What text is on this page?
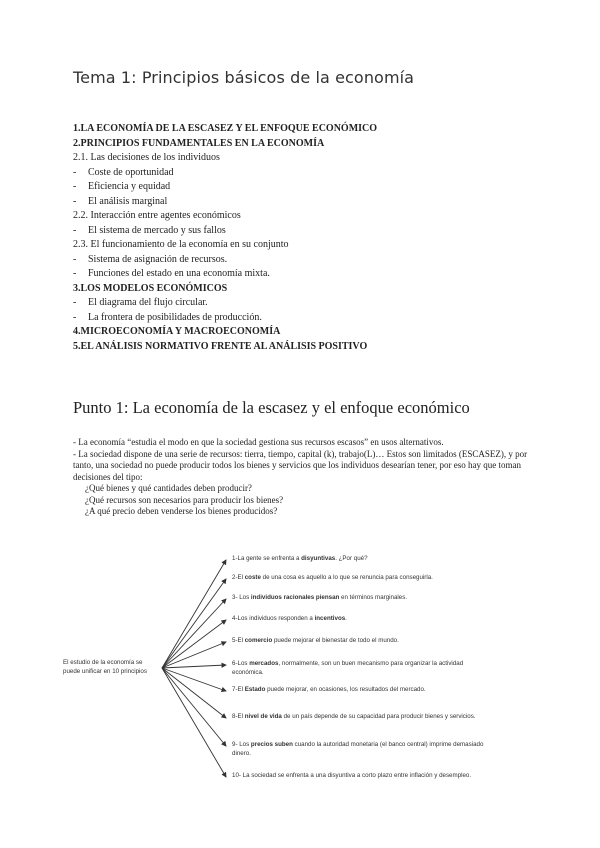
Tema 1: Principios básicos de la economía
1.LA ECONOMÍA DE LA ESCASEZ Y EL ENFOQUE ECONÓMICO
2.PRINCIPIOS FUNDAMENTALES EN LA ECONOMÍA
2.1. Las decisiones de los individuos
- Coste de oportunidad
- Eficiencia y equidad
- El análisis marginal
2.2. Interacción entre agentes económicos
- El sistema de mercado y sus fallos
2.3. El funcionamiento de la economía en su conjunto
- Sistema de asignación de recursos.
- Funciones del estado en una economía mixta.
3.LOS MODELOS ECONÓMICOS
- El diagrama del flujo circular.
- La frontera de posibilidades de producción.
4.MICROECONOMÍA Y MACROECONOMÍA
5.EL ANÁLISIS NORMATIVO FRENTE AL ANÁLISIS POSITIVO
Punto 1: La economía de la escasez y el enfoque económico

- La economía “estudia el modo en que la sociedad gestiona sus recursos escasos” en usos alternativos.

- La sociedad dispone de una serie de recursos: tierra, tiempo, capital (k), trabajo(L)… Estos son limitados (ESCASEZ), y por tanto, una sociedad no puede producir todos los bienes y servicios que los individuos desearían tener, por eso hay que toman decisiones del tipo:

¿Qué bienes y qué cantidades deben producir?

¿Qué recursos son necesarios para producir los bienes?

¿A qué precio deben venderse los bienes producidos?

El estudio de la economía se puede unificar en 10 principios
1-La gente se enfrenta a disyuntivas. ¿Por qué?
2-El coste de una cosa es aquello a lo que se renuncia para conseguirla.
3- Los individuos racionales piensan en términos marginales.
4-Los individuos responden a incentivos.
5-El comercio puede mejorar el bienestar de todo el mundo.
6-Los mercados, normalmente, son un buen mecanismo para organizar la actividad económica.
7-El Estado puede mejorar, en ocasiones, los resultados del mercado.
8-El nivel de vida de un país depende de su capacidad para producir bienes y servicios.
9- Los precios suben cuando la autoridad monetaria (el banco central) imprime demasiado dinero.
10- La sociedad se enfrenta a una disyuntiva a corto plazo entre inflación y desempleo.
